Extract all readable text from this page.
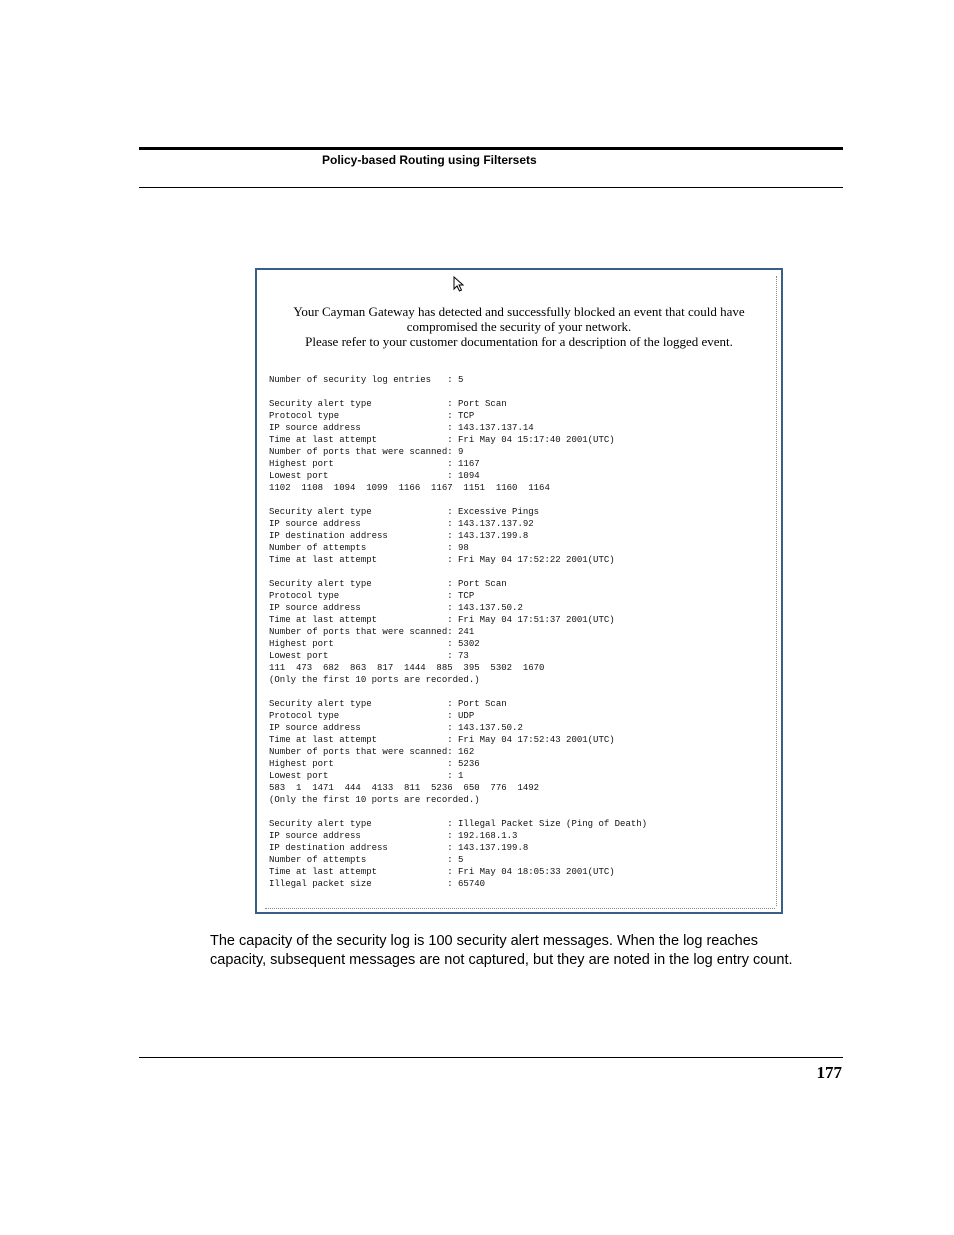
Policy-based Routing using Filtersets
Your Cayman Gateway has detected and successfully blocked an event that could have
compromised the security of your network.
Please refer to your customer documentation for a description of the logged event.
Number of security log entries   : 5
Security alert type              : Port Scan
Protocol type                    : TCP
IP source address                : 143.137.137.14
Time at last attempt             : Fri May 04 15:17:40 2001(UTC)
Number of ports that were scanned: 9
Highest port                     : 1167
Lowest port                      : 1094
1102  1108  1094  1099  1166  1167  1151  1160  1164
Security alert type              : Excessive Pings
IP source address                : 143.137.137.92
IP destination address           : 143.137.199.8
Number of attempts               : 98
Time at last attempt             : Fri May 04 17:52:22 2001(UTC)
Security alert type              : Port Scan
Protocol type                    : TCP
IP source address                : 143.137.50.2
Time at last attempt             : Fri May 04 17:51:37 2001(UTC)
Number of ports that were scanned: 241
Highest port                     : 5302
Lowest port                      : 73
111  473  682  863  817  1444  885  395  5302  1670
(Only the first 10 ports are recorded.)
Security alert type              : Port Scan
Protocol type                    : UDP
IP source address                : 143.137.50.2
Time at last attempt             : Fri May 04 17:52:43 2001(UTC)
Number of ports that were scanned: 162
Highest port                     : 5236
Lowest port                      : 1
583  1  1471  444  4133  811  5236  650  776  1492
(Only the first 10 ports are recorded.)
Security alert type              : Illegal Packet Size (Ping of Death)
IP source address                : 192.168.1.3
IP destination address           : 143.137.199.8
Number of attempts               : 5
Time at last attempt             : Fri May 04 18:05:33 2001(UTC)
Illegal packet size              : 65740
The capacity of the security log is 100 security alert messages. When the log reaches capacity, subsequent messages are not captured, but they are noted in the log entry count.
177
